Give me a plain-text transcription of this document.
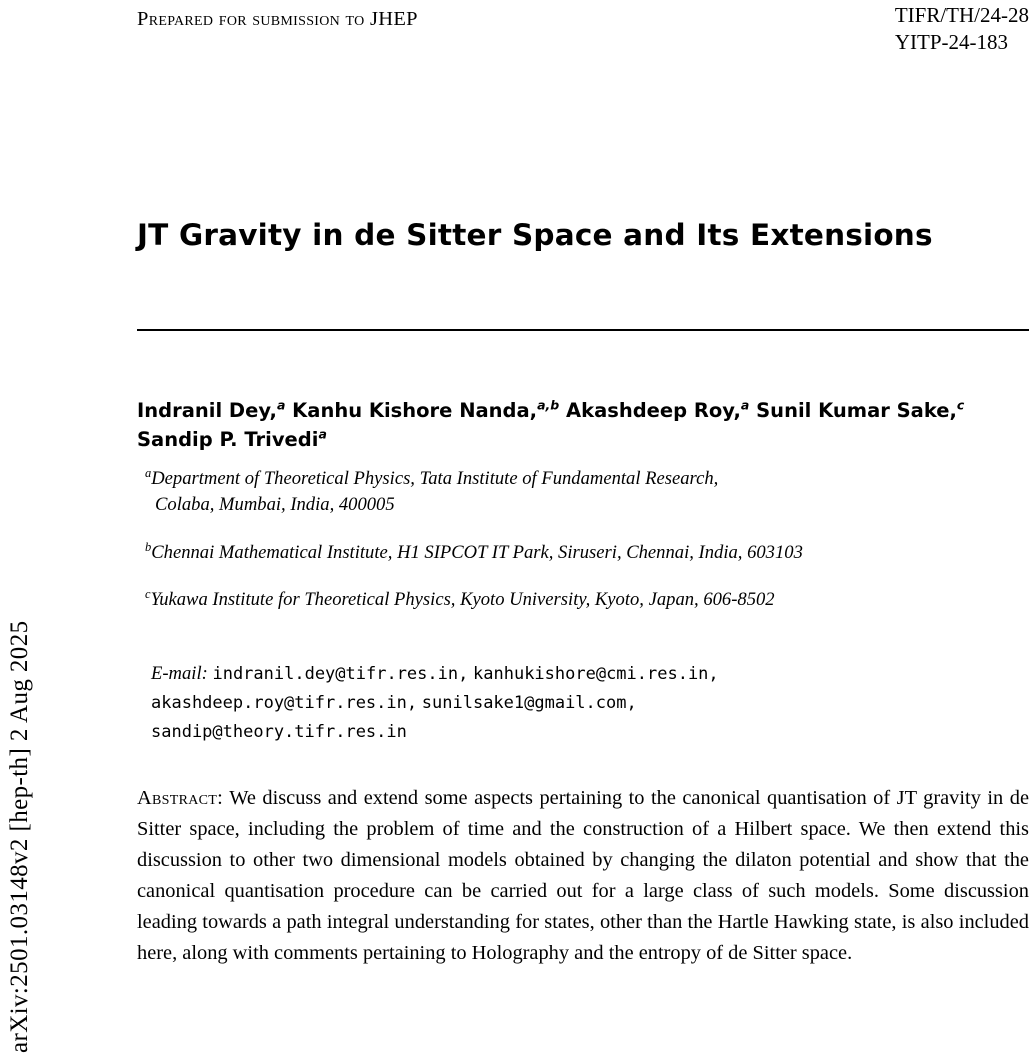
arXiv:2501.03148v2 [hep-th] 2 Aug 2025
Prepared for submission to JHEP	TIFR/TH/24-28
YITP-24-183
JT Gravity in de Sitter Space and Its Extensions
Indranil Dey,$^a$ Kanhu Kishore Nanda,$^{a,b}$ Akashdeep Roy,$^a$ Sunil Kumar Sake,$^c$
Sandip P. Trivedi$^a$
$^a$Department of Theoretical Physics, Tata Institute of Fundamental Research,
Colaba, Mumbai, India, 400005
$^b$Chennai Mathematical Institute, H1 SIPCOT IT Park, Siruseri, Chennai, India, 603103
$^c$Yukawa Institute for Theoretical Physics, Kyoto University, Kyoto, Japan, 606-8502
E-mail: indranil.dey@tifr.res.in, kanhukishore@cmi.res.in,
akashdeep.roy@tifr.res.in, sunilsake1@gmail.com,
sandip@theory.tifr.res.in
Abstract: We discuss and extend some aspects pertaining to the canonical quantisation of JT gravity in de Sitter space, including the problem of time and the construction of a Hilbert space. We then extend this discussion to other two dimensional models obtained by changing the dilaton potential and show that the canonical quantisation procedure can be carried out for a large class of such models. Some discussion leading towards a path integral understanding for states, other than the Hartle Hawking state, is also included here, along with comments pertaining to Holography and the entropy of de Sitter space.
